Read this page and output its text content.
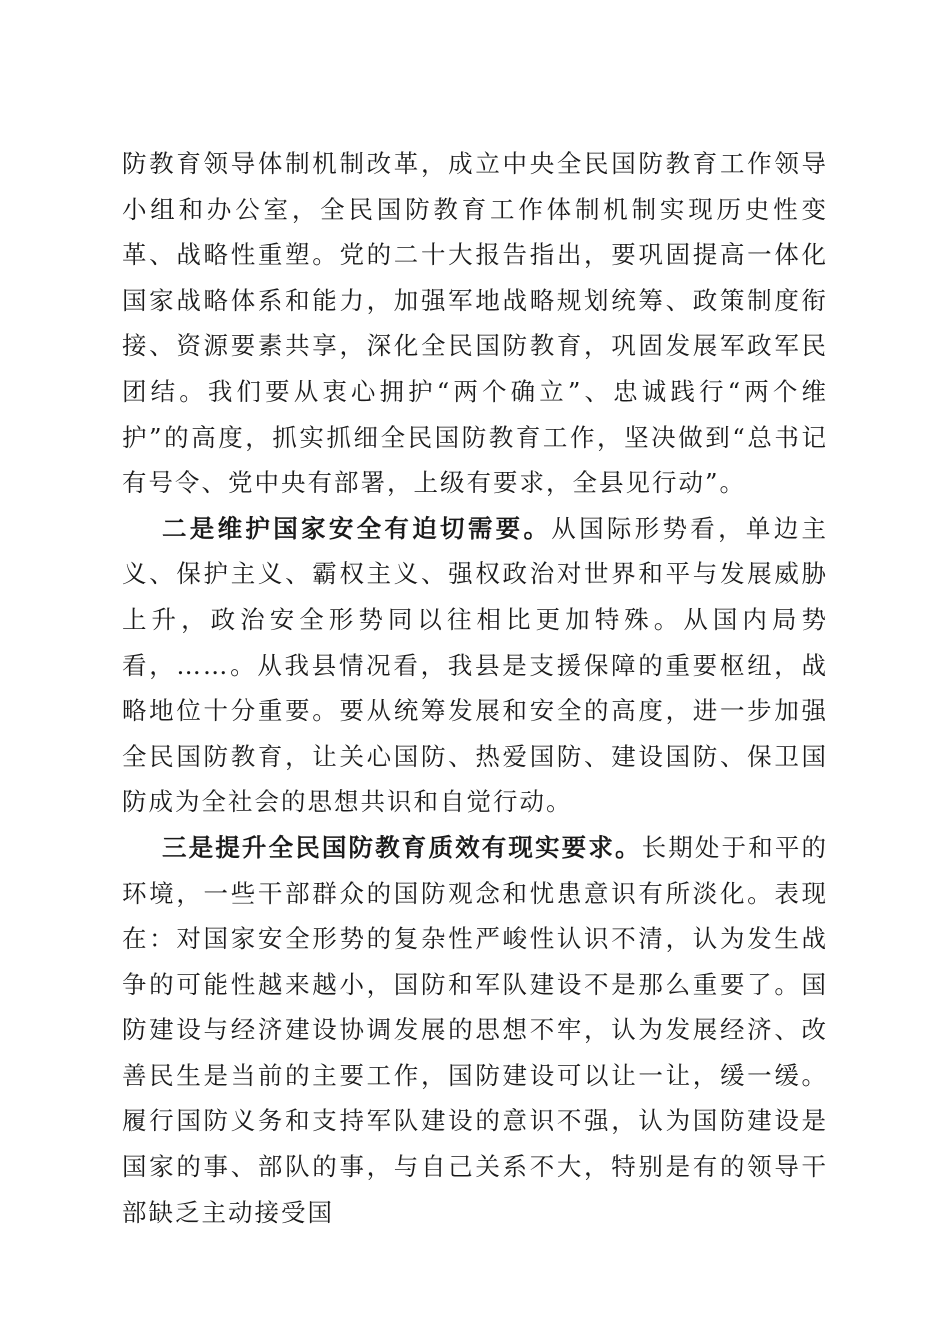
防教育领导体制机制改革，成立中央全民国防教育工作领导小组和办公室，全民国防教育工作体制机制实现历史性变革、战略性重塑。党的二十大报告指出，要巩固提高一体化国家战略体系和能力，加强军地战略规划统筹、政策制度衔接、资源要素共享，深化全民国防教育，巩固发展军政军民团结。我们要从衷心拥护“两个确立”、忠诚践行“两个维护”的高度，抓实抓细全民国防教育工作，坚决做到“总书记有号令、党中央有部署，上级有要求，全县见行动”。

二是维护国家安全有迫切需要。从国际形势看，单边主义、保护主义、霸权主义、强权政治对世界和平与发展威胁上升，政治安全形势同以往相比更加特殊。从国内局势看，……。从我县情况看，我县是支援保障的重要枢纽，战略地位十分重要。要从统筹发展和安全的高度，进一步加强全民国防教育，让关心国防、热爱国防、建设国防、保卫国防成为全社会的思想共识和自觉行动。

三是提升全民国防教育质效有现实要求。长期处于和平的环境，一些干部群众的国防观念和忧患意识有所淡化。表现在：对国家安全形势的复杂性严峻性认识不清，认为发生战争的可能性越来越小，国防和军队建设不是那么重要了。国防建设与经济建设协调发展的思想不牢，认为发展经济、改善民生是当前的主要工作，国防建设可以让一让，缓一缓。履行国防义务和支持军队建设的意识不强，认为国防建设是国家的事、部队的事，与自己关系不大，特别是有的领导干部缺乏主动接受国
